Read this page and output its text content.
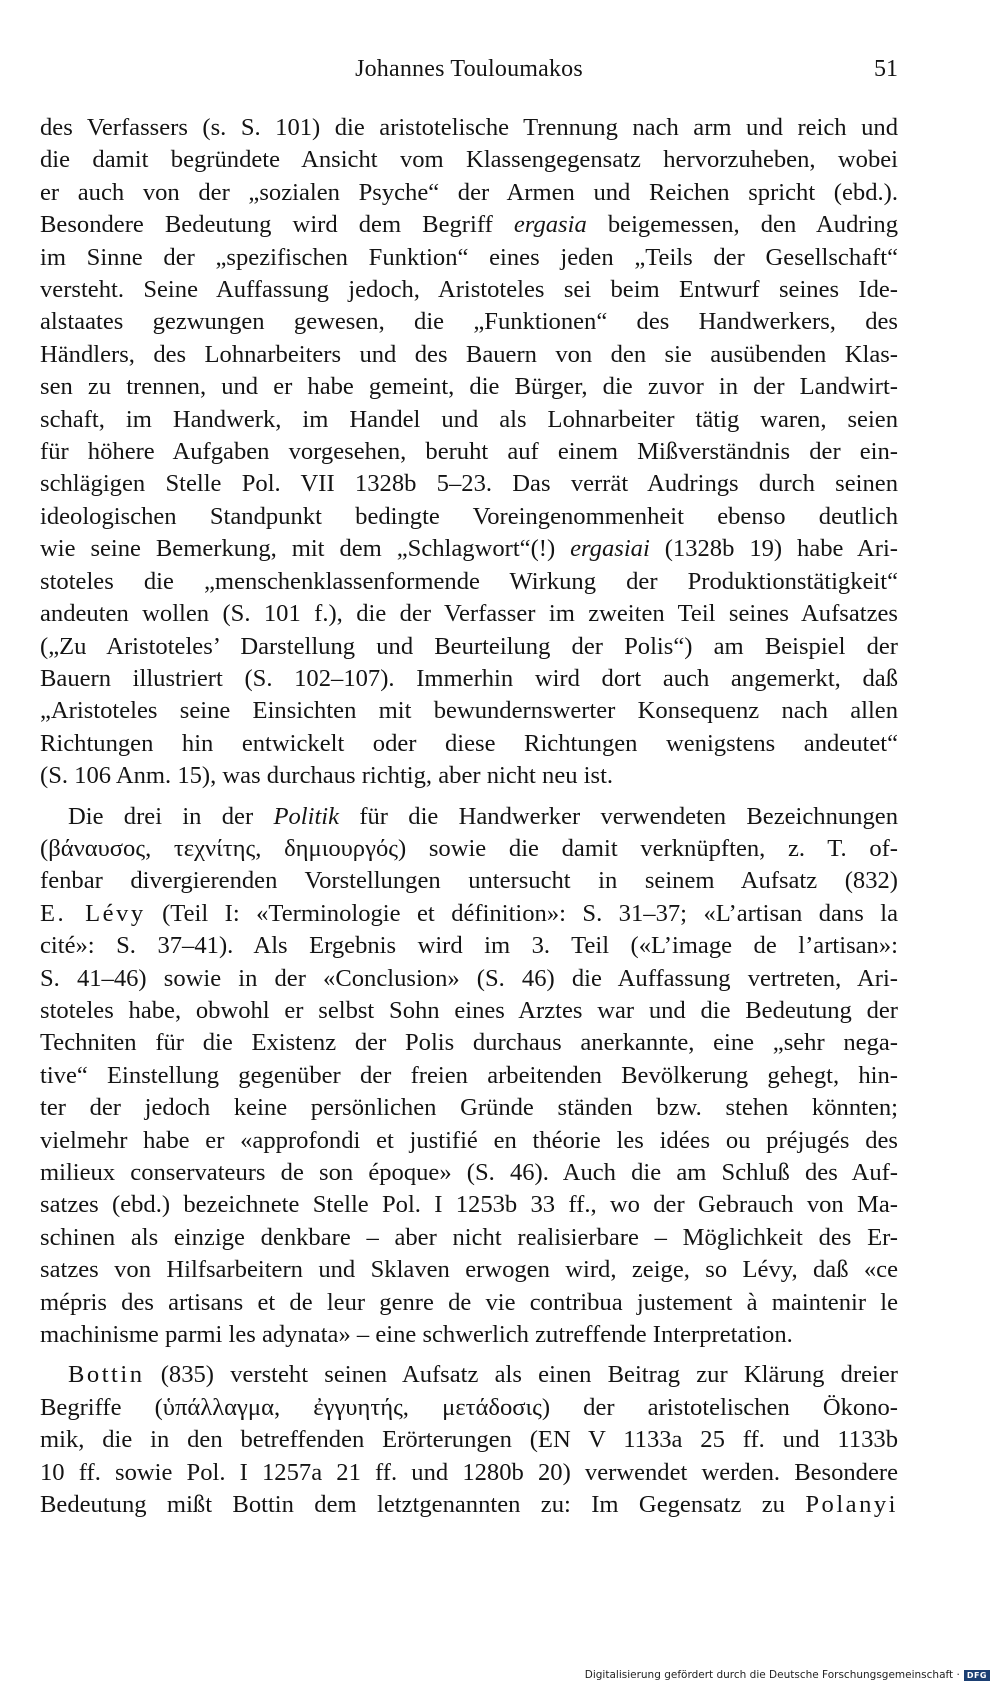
Johannes Touloumakos	51

des Verfassers (s. S. 101) die aristotelische Trennung nach arm und reich und
die damit begründete Ansicht vom Klassengegensatz hervorzuheben, wobei
er auch von der „sozialen Psyche“ der Armen und Reichen spricht (ebd.).
Besondere Bedeutung wird dem Begriff ergasia beigemessen, den Audring
im Sinne der „spezifischen Funktion“ eines jeden „Teils der Gesellschaft“
versteht. Seine Auffassung jedoch, Aristoteles sei beim Entwurf seines Ide-
alstaates gezwungen gewesen, die „Funktionen“ des Handwerkers, des
Händlers, des Lohnarbeiters und des Bauern von den sie ausübenden Klas-
sen zu trennen, und er habe gemeint, die Bürger, die zuvor in der Landwirt-
schaft, im Handwerk, im Handel und als Lohnarbeiter tätig waren, seien
für höhere Aufgaben vorgesehen, beruht auf einem Mißverständnis der ein-
schlägigen Stelle Pol. VII 1328b 5–23. Das verrät Audrings durch seinen
ideologischen Standpunkt bedingte Voreingenommenheit ebenso deutlich
wie seine Bemerkung, mit dem „Schlagwort“(!) ergasiai (1328b 19) habe Ari-
stoteles die „menschenklassenformende Wirkung der Produktionstätigkeit“
andeuten wollen (S. 101 f.), die der Verfasser im zweiten Teil seines Aufsatzes
(„Zu Aristoteles’ Darstellung und Beurteilung der Polis“) am Beispiel der
Bauern illustriert (S. 102–107). Immerhin wird dort auch angemerkt, daß
„Aristoteles seine Einsichten mit bewundernswerter Konsequenz nach allen
Richtungen hin entwickelt oder diese Richtungen wenigstens andeutet“
(S. 106 Anm. 15), was durchaus richtig, aber nicht neu ist.

Die drei in der Politik für die Handwerker verwendeten Bezeichnungen
(βάναυσος, τεχνίτης, δημιουργός) sowie die damit verknüpften, z. T. of-
fenbar divergierenden Vorstellungen untersucht in seinem Aufsatz (832)
E. Lévy (Teil I: «Terminologie et définition»: S. 31–37; «L’artisan dans la
cité»: S. 37–41). Als Ergebnis wird im 3. Teil («L’image de l’artisan»:
S. 41–46) sowie in der «Conclusion» (S. 46) die Auffassung vertreten, Ari-
stoteles habe, obwohl er selbst Sohn eines Arztes war und die Bedeutung der
Techniten für die Existenz der Polis durchaus anerkannte, eine „sehr nega-
tive“ Einstellung gegenüber der freien arbeitenden Bevölkerung gehegt, hin-
ter der jedoch keine persönlichen Gründe ständen bzw. stehen könnten;
vielmehr habe er «approfondi et justifié en théorie les idées ou préjugés des
milieux conservateurs de son époque» (S. 46). Auch die am Schluß des Auf-
satzes (ebd.) bezeichnete Stelle Pol. I 1253b 33 ff., wo der Gebrauch von Ma-
schinen als einzige denkbare – aber nicht realisierbare – Möglichkeit des Er-
satzes von Hilfsarbeitern und Sklaven erwogen wird, zeige, so Lévy, daß «ce
mépris des artisans et de leur genre de vie contribua justement à maintenir le
machinisme parmi les adynata» – eine schwerlich zutreffende Interpretation.

Bottin (835) versteht seinen Aufsatz als einen Beitrag zur Klärung dreier
Begriffe (ὑπάλλαγμα, ἐγγυητής, μετάδοσις) der aristotelischen Ökono-
mik, die in den betreffenden Erörterungen (EN V 1133a 25 ff. und 1133b
10 ff. sowie Pol. I 1257a 21 ff. und 1280b 20) verwendet werden. Besondere
Bedeutung mißt Bottin dem letztgenannten zu: Im Gegensatz zu Polanyi

Digitalisierung gefördert durch die Deutsche Forschungsgemeinschaft · DFG
